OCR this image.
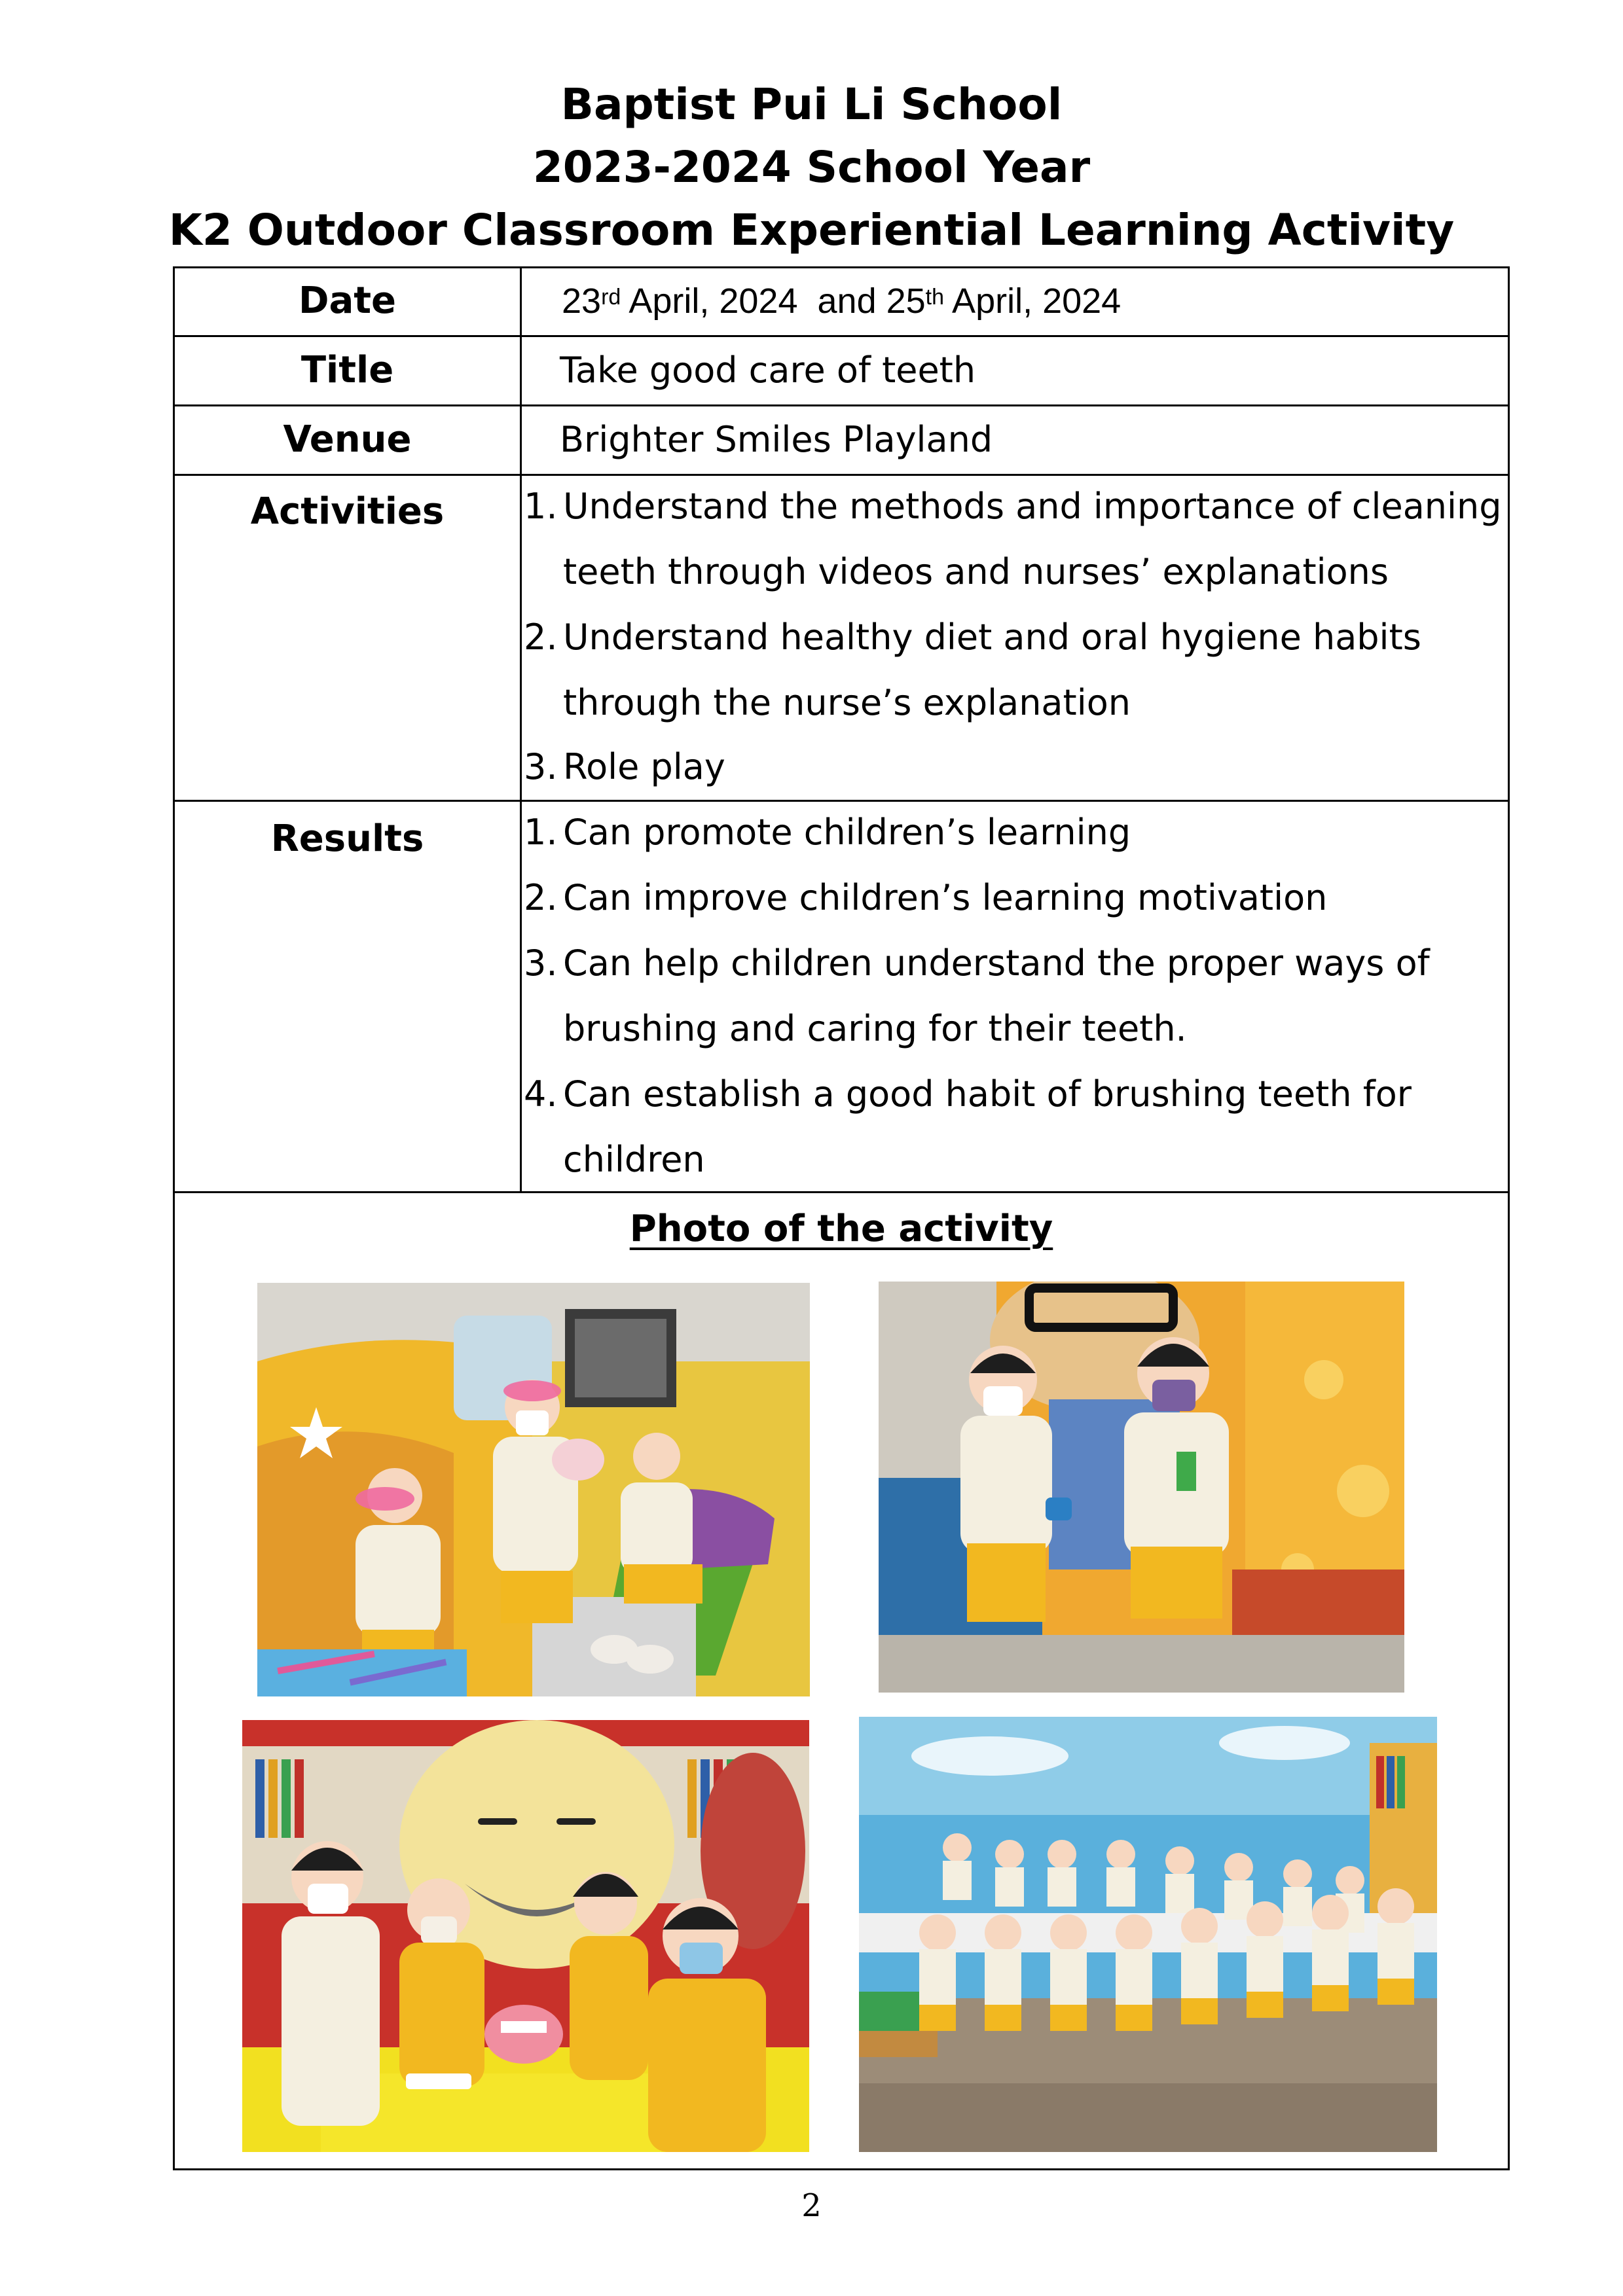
Baptist Pui Li School
2023-2024 School Year
K2 Outdoor Classroom Experiential Learning Activity
Date	23rd April, 2024  and 25th April, 2024
Title	Take good care of teeth
Venue	Brighter Smiles Playland
Activities	1. Understand the methods and importance of cleaning
teeth through videos and nurses’ explanations
2. Understand healthy diet and oral hygiene habits
through the nurse’s explanation
3. Role play
Results	1. Can promote children’s learning
2. Can improve children’s learning motivation
3. Can help children understand the proper ways of
brushing and caring for their teeth.
4. Can establish a good habit of brushing teeth for
children
Photo of the activity
2
